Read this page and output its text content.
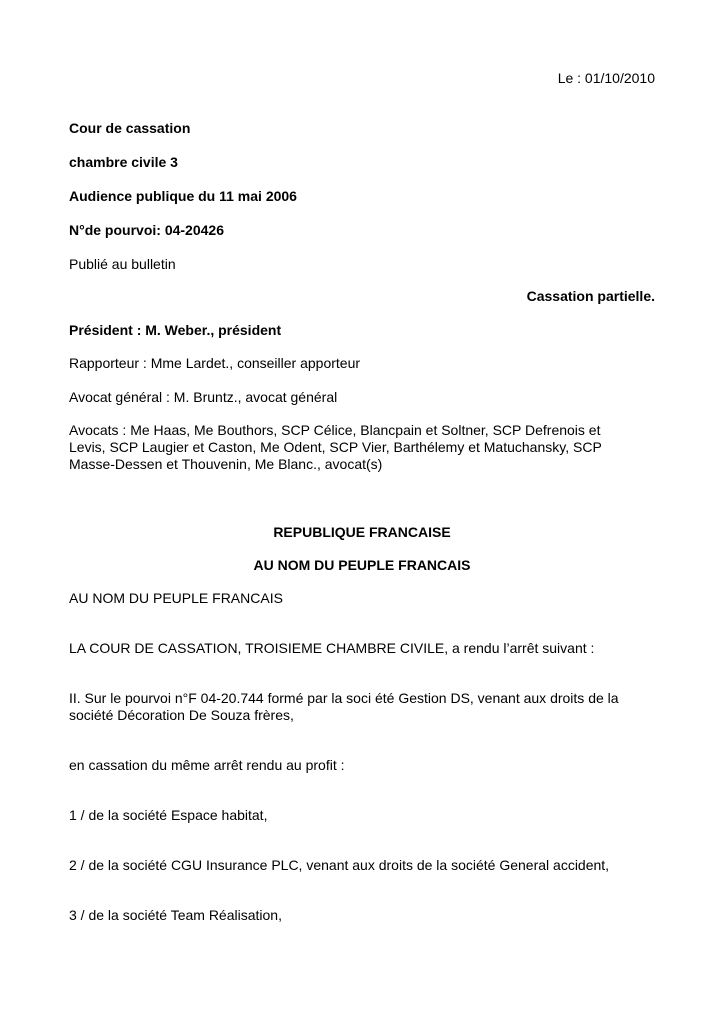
Le : 01/10/2010
Cour de cassation
chambre civile 3
Audience publique du 11 mai 2006
N°de pourvoi: 04-20426
Publié au bulletin
Cassation partielle.
Président : M. Weber., président
Rapporteur : Mme Lardet., conseiller apporteur
Avocat général : M. Bruntz., avocat général
Avocats : Me Haas, Me Bouthors, SCP Célice, Blancpain et Soltner, SCP Defrenois et
Levis, SCP Laugier et Caston, Me Odent, SCP Vier, Barthélemy et Matuchansky, SCP
Masse-Dessen et Thouvenin, Me Blanc., avocat(s)
REPUBLIQUE FRANCAISE
AU NOM DU PEUPLE FRANCAIS
AU NOM DU PEUPLE FRANCAIS
LA COUR DE CASSATION, TROISIEME CHAMBRE CIVILE, a rendu l’arrêt suivant :
II. Sur le pourvoi n°F 04-20.744 formé par la soci été Gestion DS, venant aux droits de la
société Décoration De Souza frères,
en cassation du même arrêt rendu au profit :
1 / de la société Espace habitat,
2 / de la société CGU Insurance PLC, venant aux droits de la société General accident,
3 / de la société Team Réalisation,
